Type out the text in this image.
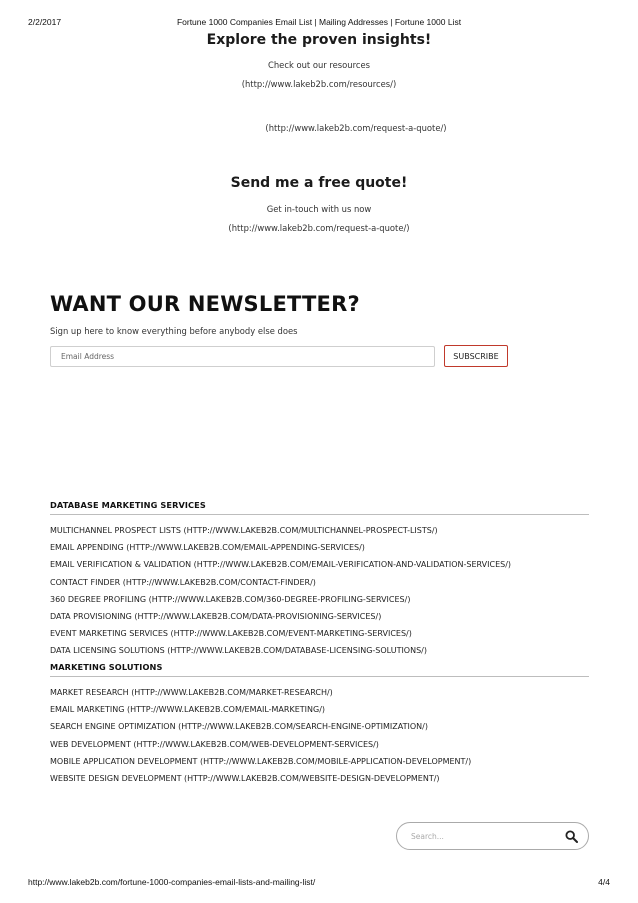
2/2/2017	Fortune 1000 Companies Email List | Mailing Addresses | Fortune 1000 List
Explore the proven insights!
Check out our resources
(http://www.lakeb2b.com/resources/)
(http://www.lakeb2b.com/request-a-quote/)
Send me a free quote!
Get in-touch with us now
(http://www.lakeb2b.com/request-a-quote/)
WANT OUR NEWSLETTER?
Sign up here to know everything before anybody else does
Email Address
SUBSCRIBE
DATABASE MARKETING SERVICES
MULTICHANNEL PROSPECT LISTS (HTTP://WWW.LAKEB2B.COM/MULTICHANNEL-PROSPECT-LISTS/)
EMAIL APPENDING (HTTP://WWW.LAKEB2B.COM/EMAIL-APPENDING-SERVICES/)
EMAIL VERIFICATION & VALIDATION (HTTP://WWW.LAKEB2B.COM/EMAIL-VERIFICATION-AND-VALIDATION-SERVICES/)
CONTACT FINDER (HTTP://WWW.LAKEB2B.COM/CONTACT-FINDER/)
360 DEGREE PROFILING (HTTP://WWW.LAKEB2B.COM/360-DEGREE-PROFILING-SERVICES/)
DATA PROVISIONING (HTTP://WWW.LAKEB2B.COM/DATA-PROVISIONING-SERVICES/)
EVENT MARKETING SERVICES (HTTP://WWW.LAKEB2B.COM/EVENT-MARKETING-SERVICES/)
DATA LICENSING SOLUTIONS (HTTP://WWW.LAKEB2B.COM/DATABASE-LICENSING-SOLUTIONS/)
MARKETING SOLUTIONS
MARKET RESEARCH (HTTP://WWW.LAKEB2B.COM/MARKET-RESEARCH/)
EMAIL MARKETING (HTTP://WWW.LAKEB2B.COM/EMAIL-MARKETING/)
SEARCH ENGINE OPTIMIZATION (HTTP://WWW.LAKEB2B.COM/SEARCH-ENGINE-OPTIMIZATION/)
WEB DEVELOPMENT (HTTP://WWW.LAKEB2B.COM/WEB-DEVELOPMENT-SERVICES/)
MOBILE APPLICATION DEVELOPMENT (HTTP://WWW.LAKEB2B.COM/MOBILE-APPLICATION-DEVELOPMENT/)
WEBSITE DESIGN DEVELOPMENT (HTTP://WWW.LAKEB2B.COM/WEBSITE-DESIGN-DEVELOPMENT/)
Search...
http://www.lakeb2b.com/fortune-1000-companies-email-lists-and-mailing-list/	4/4
